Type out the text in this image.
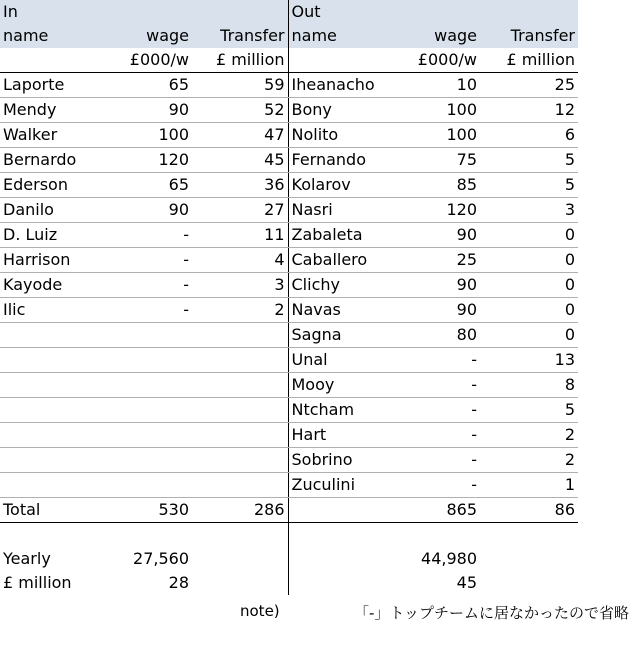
In			Out		
name	wage	Transfer	name	wage	Transfer
	£000/w	£ million		£000/w	£ million
Laporte	65	59	Iheanacho	10	25
Mendy	90	52	Bony	100	12
Walker	100	47	Nolito	100	6
Bernardo	120	45	Fernando	75	5
Ederson	65	36	Kolarov	85	5
Danilo	90	27	Nasri	120	3
D. Luiz	-	11	Zabaleta	90	0
Harrison	-	4	Caballero	25	0
Kayode	-	3	Clichy	90	0
Ilic	-	2	Navas	90	0
			Sagna	80	0
			Unal	-	13
			Mooy	-	8
			Ntcham	-	5
			Hart	-	2
			Sobrino	-	2
			Zuculini	-	1
Total	530	286		865	86

Yearly	27,560			44,980	
£ million	28			45	
note)	「-」トップチームに居なかったので省略
